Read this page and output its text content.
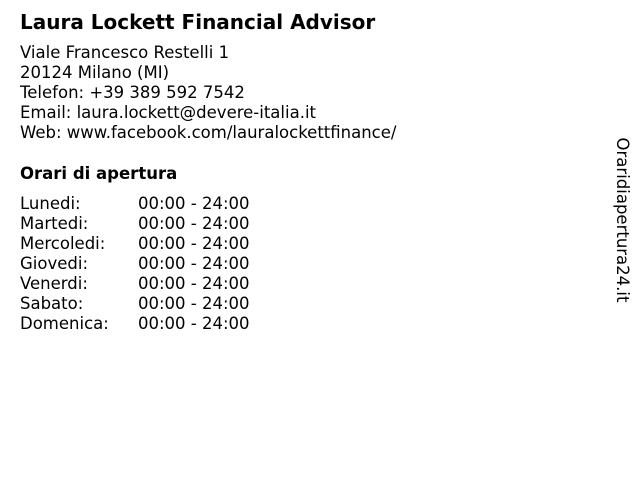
Laura Lockett Financial Advisor
Viale Francesco Restelli 1
20124 Milano (MI)
Telefon: +39 389 592 7542
Email: laura.lockett@devere-italia.it
Web: www.facebook.com/lauralockettfinance/
Orari di apertura
Lunedi:	00:00 - 24:00
Martedi:	00:00 - 24:00
Mercoledi:	00:00 - 24:00
Giovedi:	00:00 - 24:00
Venerdi:	00:00 - 24:00
Sabato:	00:00 - 24:00
Domenica:	00:00 - 24:00
Oraridiapertura24.it
